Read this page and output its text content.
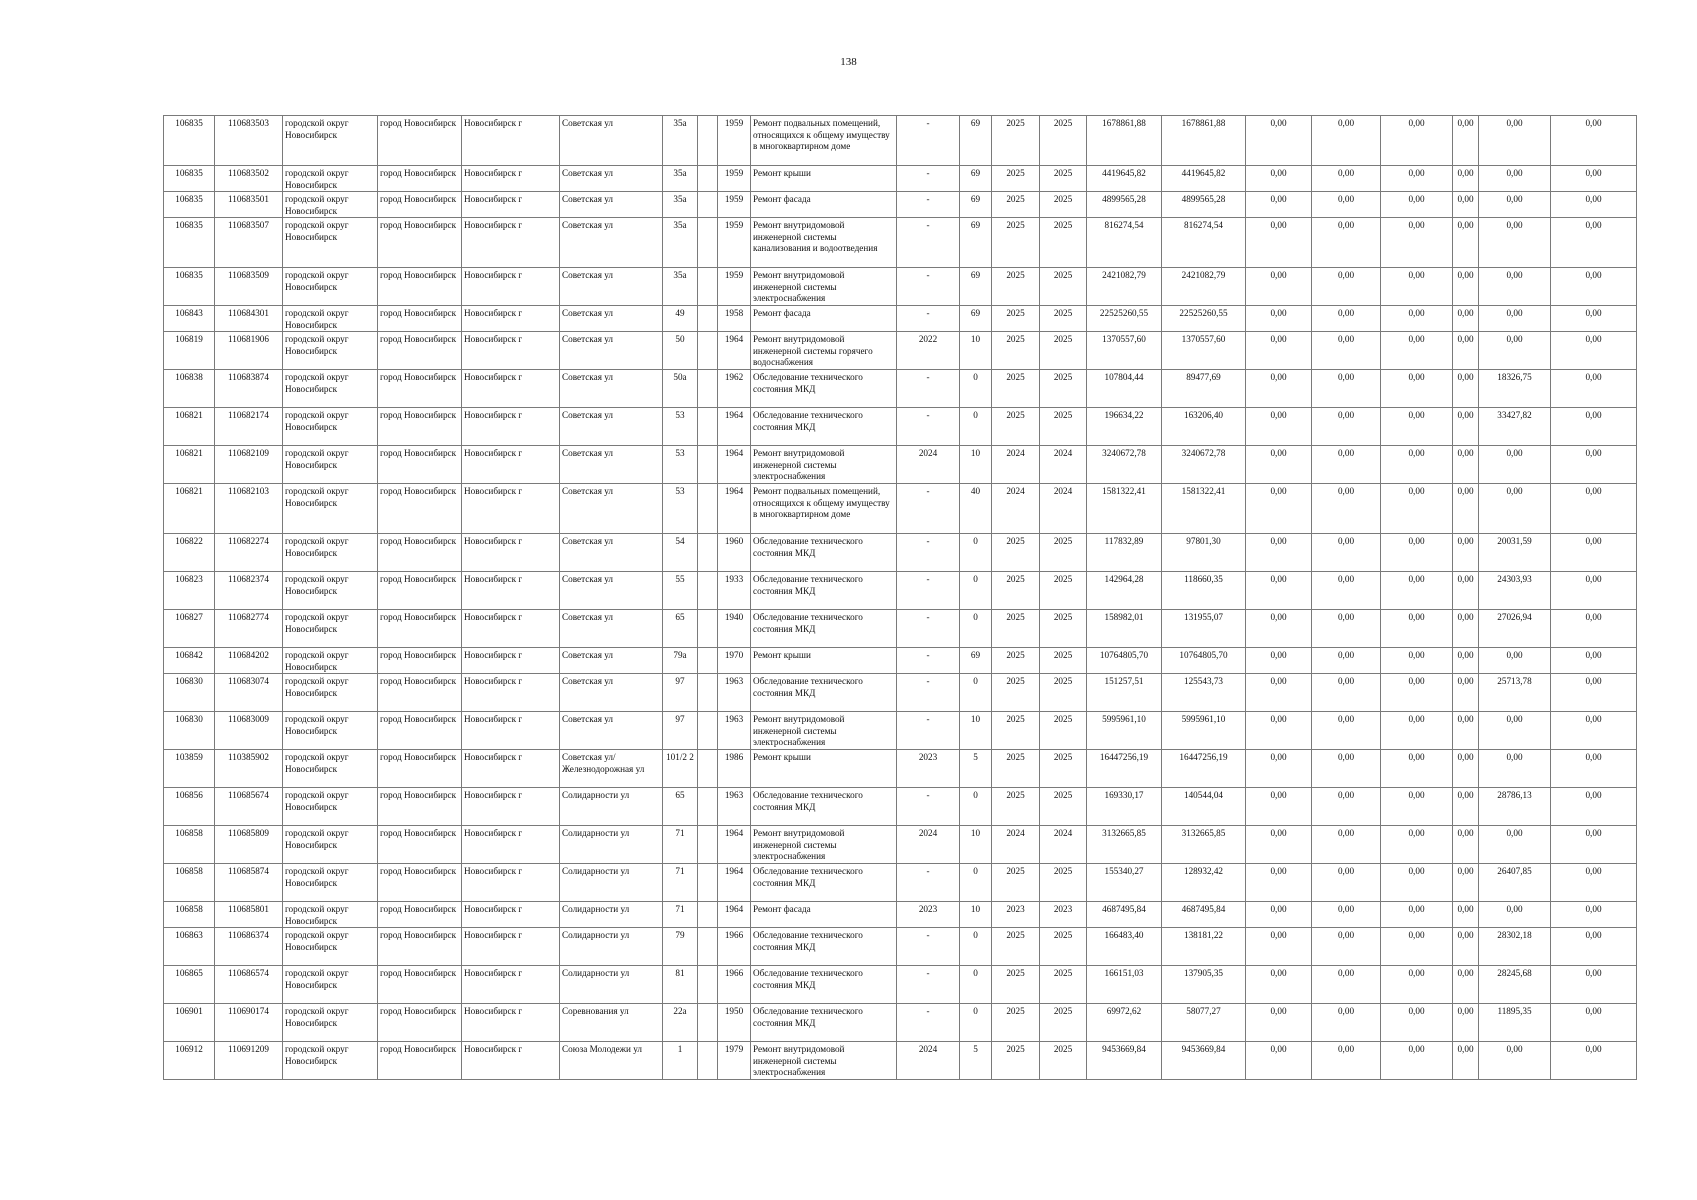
138
106835	110683503	городской округ Новосибирск	город Новосибирск	Новосибирск г	Советская ул	35а		1959	Ремонт подвальных помещений, относящихся к общему имуществу в многоквартирном доме	-	69	2025	2025	1678861,88	1678861,88	0,00	0,00	0,00	0,00	0,00	0,00
106835	110683502	городской округ Новосибирск	город Новосибирск	Новосибирск г	Советская ул	35а		1959	Ремонт крыши	-	69	2025	2025	4419645,82	4419645,82	0,00	0,00	0,00	0,00	0,00	0,00
106835	110683501	городской округ Новосибирск	город Новосибирск	Новосибирск г	Советская ул	35а		1959	Ремонт фасада	-	69	2025	2025	4899565,28	4899565,28	0,00	0,00	0,00	0,00	0,00	0,00
106835	110683507	городской округ Новосибирск	город Новосибирск	Новосибирск г	Советская ул	35а		1959	Ремонт внутридомовой инженерной системы канализования и водоотведения	-	69	2025	2025	816274,54	816274,54	0,00	0,00	0,00	0,00	0,00	0,00
106835	110683509	городской округ Новосибирск	город Новосибирск	Новосибирск г	Советская ул	35а		1959	Ремонт внутридомовой инженерной системы электроснабжения	-	69	2025	2025	2421082,79	2421082,79	0,00	0,00	0,00	0,00	0,00	0,00
106843	110684301	городской округ Новосибирск	город Новосибирск	Новосибирск г	Советская ул	49		1958	Ремонт фасада	-	69	2025	2025	22525260,55	22525260,55	0,00	0,00	0,00	0,00	0,00	0,00
106819	110681906	городской округ Новосибирск	город Новосибирск	Новосибирск г	Советская ул	50		1964	Ремонт внутридомовой инженерной системы горячего водоснабжения	2022	10	2025	2025	1370557,60	1370557,60	0,00	0,00	0,00	0,00	0,00	0,00
106838	110683874	городской округ Новосибирск	город Новосибирск	Новосибирск г	Советская ул	50а		1962	Обследование технического состояния МКД	-	0	2025	2025	107804,44	89477,69	0,00	0,00	0,00	0,00	18326,75	0,00
106821	110682174	городской округ Новосибирск	город Новосибирск	Новосибирск г	Советская ул	53		1964	Обследование технического состояния МКД	-	0	2025	2025	196634,22	163206,40	0,00	0,00	0,00	0,00	33427,82	0,00
106821	110682109	городской округ Новосибирск	город Новосибирск	Новосибирск г	Советская ул	53		1964	Ремонт внутридомовой инженерной системы электроснабжения	2024	10	2024	2024	3240672,78	3240672,78	0,00	0,00	0,00	0,00	0,00	0,00
106821	110682103	городской округ Новосибирск	город Новосибирск	Новосибирск г	Советская ул	53		1964	Ремонт подвальных помещений, относящихся к общему имуществу в многоквартирном доме	-	40	2024	2024	1581322,41	1581322,41	0,00	0,00	0,00	0,00	0,00	0,00
106822	110682274	городской округ Новосибирск	город Новосибирск	Новосибирск г	Советская ул	54		1960	Обследование технического состояния МКД	-	0	2025	2025	117832,89	97801,30	0,00	0,00	0,00	0,00	20031,59	0,00
106823	110682374	городской округ Новосибирск	город Новосибирск	Новосибирск г	Советская ул	55		1933	Обследование технического состояния МКД	-	0	2025	2025	142964,28	118660,35	0,00	0,00	0,00	0,00	24303,93	0,00
106827	110682774	городской округ Новосибирск	город Новосибирск	Новосибирск г	Советская ул	65		1940	Обследование технического состояния МКД	-	0	2025	2025	158982,01	131955,07	0,00	0,00	0,00	0,00	27026,94	0,00
106842	110684202	городской округ Новосибирск	город Новосибирск	Новосибирск г	Советская ул	79а		1970	Ремонт крыши	-	69	2025	2025	10764805,70	10764805,70	0,00	0,00	0,00	0,00	0,00	0,00
106830	110683074	городской округ Новосибирск	город Новосибирск	Новосибирск г	Советская ул	97		1963	Обследование технического состояния МКД	-	0	2025	2025	151257,51	125543,73	0,00	0,00	0,00	0,00	25713,78	0,00
106830	110683009	городской округ Новосибирск	город Новосибирск	Новосибирск г	Советская ул	97		1963	Ремонт внутридомовой инженерной системы электроснабжения	-	10	2025	2025	5995961,10	5995961,10	0,00	0,00	0,00	0,00	0,00	0,00
103859	110385902	городской округ Новосибирск	город Новосибирск	Новосибирск г	Советская ул/Железнодорожная ул	101/2 2		1986	Ремонт крыши	2023	5	2025	2025	16447256,19	16447256,19	0,00	0,00	0,00	0,00	0,00	0,00
106856	110685674	городской округ Новосибирск	город Новосибирск	Новосибирск г	Солидарности ул	65		1963	Обследование технического состояния МКД	-	0	2025	2025	169330,17	140544,04	0,00	0,00	0,00	0,00	28786,13	0,00
106858	110685809	городской округ Новосибирск	город Новосибирск	Новосибирск г	Солидарности ул	71		1964	Ремонт внутридомовой инженерной системы электроснабжения	2024	10	2024	2024	3132665,85	3132665,85	0,00	0,00	0,00	0,00	0,00	0,00
106858	110685874	городской округ Новосибирск	город Новосибирск	Новосибирск г	Солидарности ул	71		1964	Обследование технического состояния МКД	-	0	2025	2025	155340,27	128932,42	0,00	0,00	0,00	0,00	26407,85	0,00
106858	110685801	городской округ Новосибирск	город Новосибирск	Новосибирск г	Солидарности ул	71		1964	Ремонт фасада	2023	10	2023	2023	4687495,84	4687495,84	0,00	0,00	0,00	0,00	0,00	0,00
106863	110686374	городской округ Новосибирск	город Новосибирск	Новосибирск г	Солидарности ул	79		1966	Обследование технического состояния МКД	-	0	2025	2025	166483,40	138181,22	0,00	0,00	0,00	0,00	28302,18	0,00
106865	110686574	городской округ Новосибирск	город Новосибирск	Новосибирск г	Солидарности ул	81		1966	Обследование технического состояния МКД	-	0	2025	2025	166151,03	137905,35	0,00	0,00	0,00	0,00	28245,68	0,00
106901	110690174	городской округ Новосибирск	город Новосибирск	Новосибирск г	Соревнования ул	22а		1950	Обследование технического состояния МКД	-	0	2025	2025	69972,62	58077,27	0,00	0,00	0,00	0,00	11895,35	0,00
106912	110691209	городской округ Новосибирск	город Новосибирск	Новосибирск г	Союза Молодежи ул	1		1979	Ремонт внутридомовой инженерной системы электроснабжения	2024	5	2025	2025	9453669,84	9453669,84	0,00	0,00	0,00	0,00	0,00	0,00
